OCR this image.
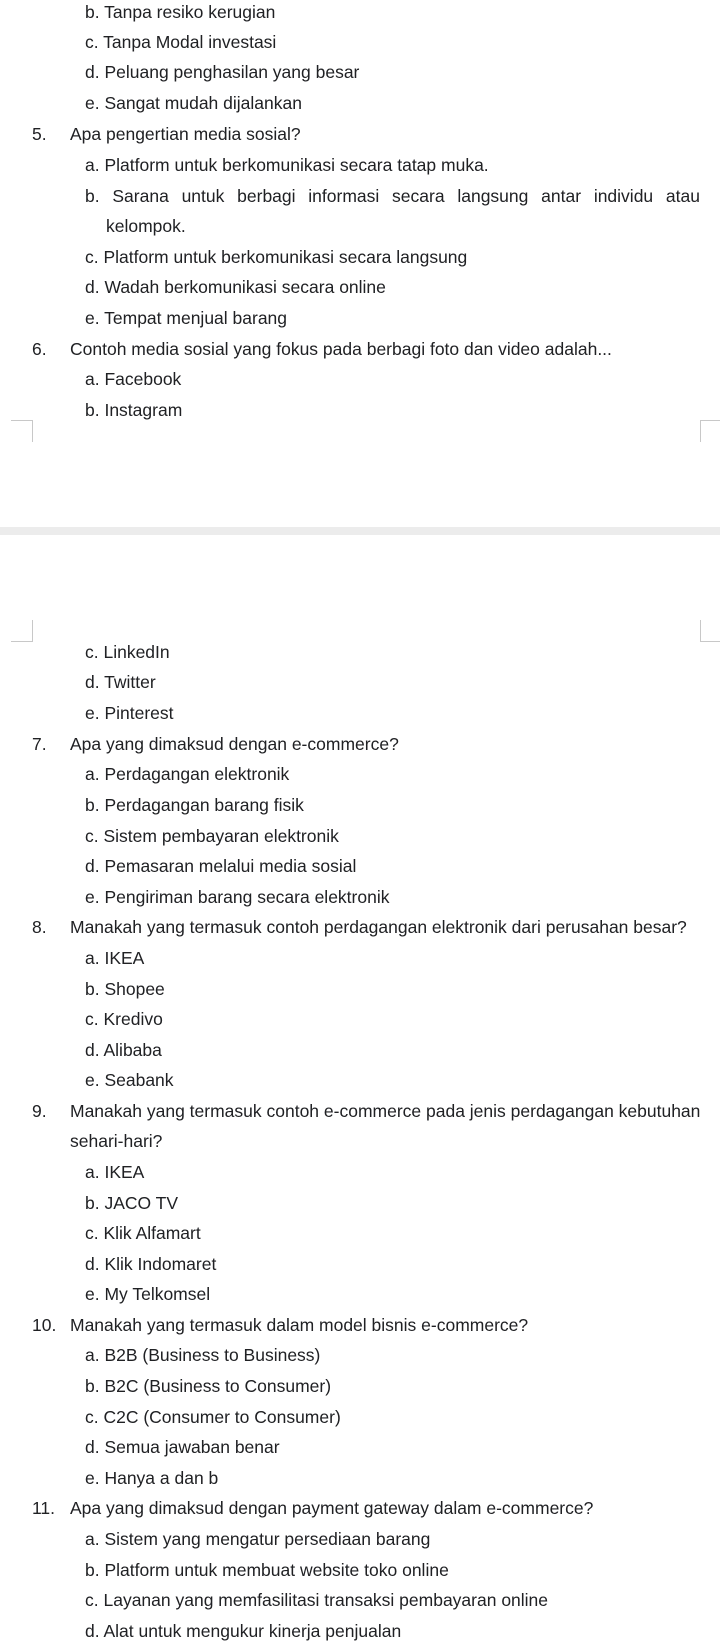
b. Tanpa resiko kerugian
c. Tanpa Modal investasi
d. Peluang penghasilan yang besar
e. Sangat mudah dijalankan
5. Apa pengertian media sosial?
a. Platform untuk berkomunikasi secara tatap muka.
b. Sarana untuk berbagi informasi secara langsung antar individu atau
kelompok.
c. Platform untuk berkomunikasi secara langsung
d. Wadah berkomunikasi secara online
e. Tempat menjual barang
6. Contoh media sosial yang fokus pada berbagi foto dan video adalah...
a. Facebook
b. Instagram
c. LinkedIn
d. Twitter
e. Pinterest
7. Apa yang dimaksud dengan e-commerce?
a. Perdagangan elektronik
b. Perdagangan barang fisik
c. Sistem pembayaran elektronik
d. Pemasaran melalui media sosial
e. Pengiriman barang secara elektronik
8. Manakah yang termasuk contoh perdagangan elektronik dari perusahan besar?
a. IKEA
b. Shopee
c. Kredivo
d. Alibaba
e. Seabank
9. Manakah yang termasuk contoh e-commerce pada jenis perdagangan kebutuhan
sehari-hari?
a. IKEA
b. JACO TV
c. Klik Alfamart
d. Klik Indomaret
e. My Telkomsel
10. Manakah yang termasuk dalam model bisnis e-commerce?
a. B2B (Business to Business)
b. B2C (Business to Consumer)
c. C2C (Consumer to Consumer)
d. Semua jawaban benar
e. Hanya a dan b
11. Apa yang dimaksud dengan payment gateway dalam e-commerce?
a. Sistem yang mengatur persediaan barang
b. Platform untuk membuat website toko online
c. Layanan yang memfasilitasi transaksi pembayaran online
d. Alat untuk mengukur kinerja penjualan
